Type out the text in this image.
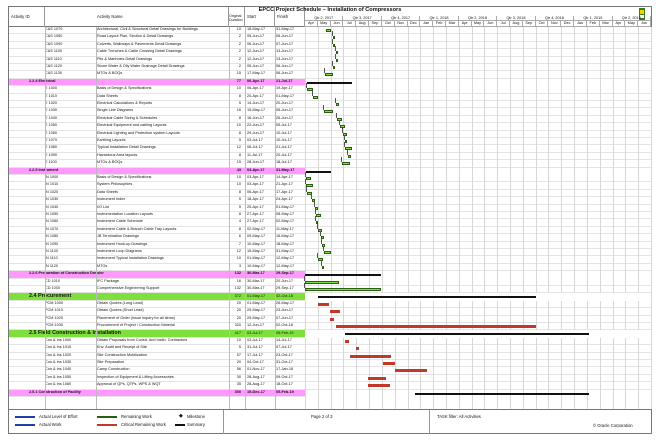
Activity ID	Activity Name	Original Duration
Start	Finish
EPCC Project Schedule – Installation of Compressors
Qtr 2, 2017	Qtr 3, 2017	Qtr 4, 2017	Qtr 1, 2018	Qtr 2, 2018	Qtr 3, 2018	Qtr 4, 2018	Qtr 1, 2019	Qtr 2, 2019
Apr	May	Jun	Jul	Aug	Sep	Oct	Nov	Dec	Jan	Feb	Mar	Apr	May	Jun	Jul	Aug	Sep	Oct	Nov	Dec	Jan	Feb	Mar	Apr	May	Jun
C&S 1070	Architectural, Civil & Structural Detail Drawings for Buildings	10 18-May-17	31-May-17
C&S 1080	Road Layout Plan, Section & Detail Drawings	2 05-Jun-17	06-Jun-17
C&S 1090	Culverts, Walkways & Pavements Detail Drawings	2 06-Jun-17	07-Jun-17
C&S 1100	Cable Trenches & Cable Crossing Detail Drawings	2 12-Jun-17	13-Jun-17
C&S 1110	Pits & Manholes Detail Drawings	2 12-Jun-17	13-Jun-17
C&S 1120	Storm Water & Oily Water Drainage Detail Drawings	2 05-Jun-17	06-Jun-17
C&S 1130	MTOs & BOQs	15 17-May-17	06-Jun-17
2.2.4 Electrical	77 06-Apr-17	21-Jul-17
E 1000	Basis of Design & Specifications	10 06-Apr-17	19-Apr-17
E 1010	Data Sheets	8 20-Apr-17	01-May-17
E 1020	Electrical Calculations & Reports	5 14-Jun-17	20-Jun-17
E 1030	Single Line Diagrams	16 15-May-17	06-Jun-17
E 1040	Electrical Cable Sizing & Schedules	8 16-Jun-17	26-Jun-17
E 1050	Electrical Equipment and cabling Layouts	10 22-Jun-17	05-Jul-17
E 1060	Electrical Lighting and Protection system Layouts	8 29-Jun-17	10-Jul-17
E 1070	Earthing Layouts	5 03-Jul-17	10-Jul-17
E 1080	Typical Installation Detail Drawings	12 06-Jul-17	21-Jul-17
E 1090	Hazardous Area layouts	8 11-Jul-17	20-Jul-17
E 1100	MTOs & BOQs	15 28-Jun-17	18-Jul-17
2.2.5 Instrument	43 03-Apr-17	31-May-17
IN 1000	Basis of Design & Specifications	10 03-Apr-17	14-Apr-17
IN 1010	System Philosophies	10 03-Apr-17	21-Apr-17
IN 1020	Data Sheets	8 06-Apr-17	17-Apr-17
IN 1030	Instrument Index	5 18-Apr-17	24-Apr-17
IN 1040	I/O List	5 25-Apr-17	01-May-17
IN 1050	Instrumentation Location Layouts	8 27-Apr-17	08-May-17
IN 1060	Instrument Cable Schedule	4 27-Apr-17	02-May-17
IN 1070	Instrument Cable & Branch Cable Tray Layouts	8 02-May-17	11-May-17
IN 1080	JB Termination Drawings	6 09-May-17	16-May-17
IN 1090	Instrument Hook-up Drawings	7 10-May-17	18-May-17
IN 1100	Instrument Loop Diagrams	12 15-May-17	31-May-17
IN 1110	Instrument Typical Installation Drawings	10 01-May-17	12-May-17
IN 1120	MTOs	3 10-May-17	12-May-17
2.2.6 Preparation of Construction Dossier	132 30-Mar-17	29-Sep-17
CD 1010	IFC Package	16 30-Mar-17	20-Jun-17
CD 1000	Comprehensive Engineering Support	132 30-Mar-17	29-Sep-17
2.4 Procurement	372 01-May-17	02-Oct-18
PCM 1000	Obtain Quotes (Long Lead)	20 01-May-17	26-May-17
PCM 1010	Obtain Quotes (Short Lead)	20 29-May-17	23-Jun-17
PCM 1020	Placement of Order (issue inquiry for all items)	20 29-May-17	07-Jun-17
PCM 1030	Procurement of Project / Construction Material	320 12-Jun-17	02-Oct-18
2.5 Field Construction & Installation	417 03-Jul-17	05-Feb-19
Con & Ins 1000	Obtain Proposals from Constr. And Instln. Contractors	10 03-Jul-17	14-Jul-17
Con & Ins 1010	Env. Audit and Receipt of Site	5 31-Jul-17	07-Jul-17
Con & Ins 1020	Site Construction Mobilization	57 17-Jul-17	23-Oct-17
Con & Ins 1030	Site Preparation	20 04-Oct-17	31-Oct-17
Con & Ins 1040	Camp Construction	56 01-Nov-17	17-Jan-18
Con & Ins 1050	Inspection of Equipment & Lifting Accessories	30 28-Aug-17	09-Oct-17
Con & Ins 1060	Approval of QPs, QTPs, WPS & WQT	35 28-Aug-17	18-Oct-17
2.5.1 Construction of Facility	300 19-Dec-17	05-Feb-19
Actual Level of Effort
Actual Work
Remaining Work
Critical Remaining Work
◆ Milestone
Summary
Page 2 of 3	TASK filter: All Activities
© Oracle Corporation
